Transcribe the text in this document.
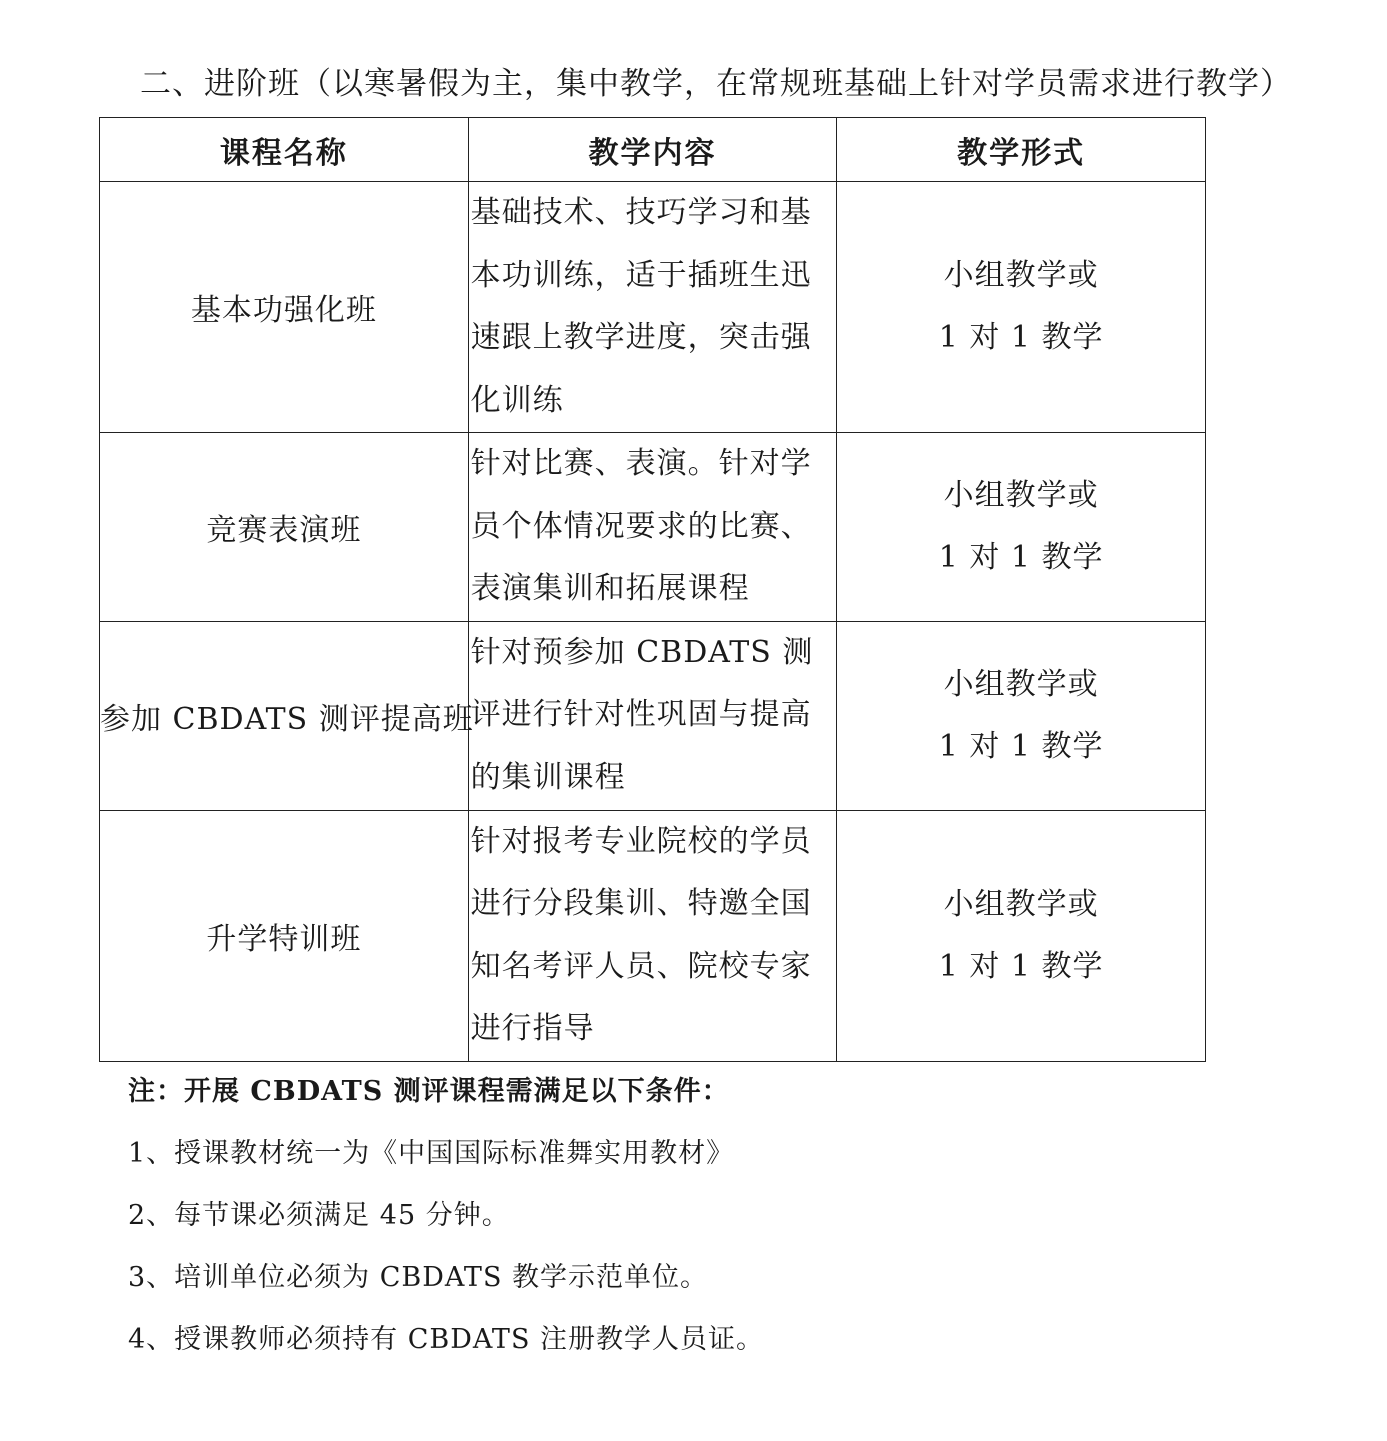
二、进阶班（以寒暑假为主，集中教学，在常规班基础上针对学员需求进行教学）
课程名称	教学内容	教学形式
基本功强化班	基础技术、技巧学习和基本功训练，适于插班生迅速跟上教学进度，突击强化训练	小组教学或
1 对 1 教学

竞赛表演班	针对比赛、表演。针对学员个体情况要求的比赛、表演集训和拓展课程	小组教学或
1 对 1 教学

参加 CBDATS 测评提高班	针对预参加 CBDATS 测评进行针对性巩固与提高的集训课程	小组教学或
1 对 1 教学

升学特训班	针对报考专业院校的学员进行分段集训、特邀全国知名考评人员、院校专家进行指导	小组教学或
1 对 1 教学
注：开展 CBDATS 测评课程需满足以下条件：
1、授课教材统一为《中国国际标准舞实用教材》
2、每节课必须满足 45 分钟。
3、培训单位必须为 CBDATS 教学示范单位。
4、授课教师必须持有 CBDATS 注册教学人员证。
